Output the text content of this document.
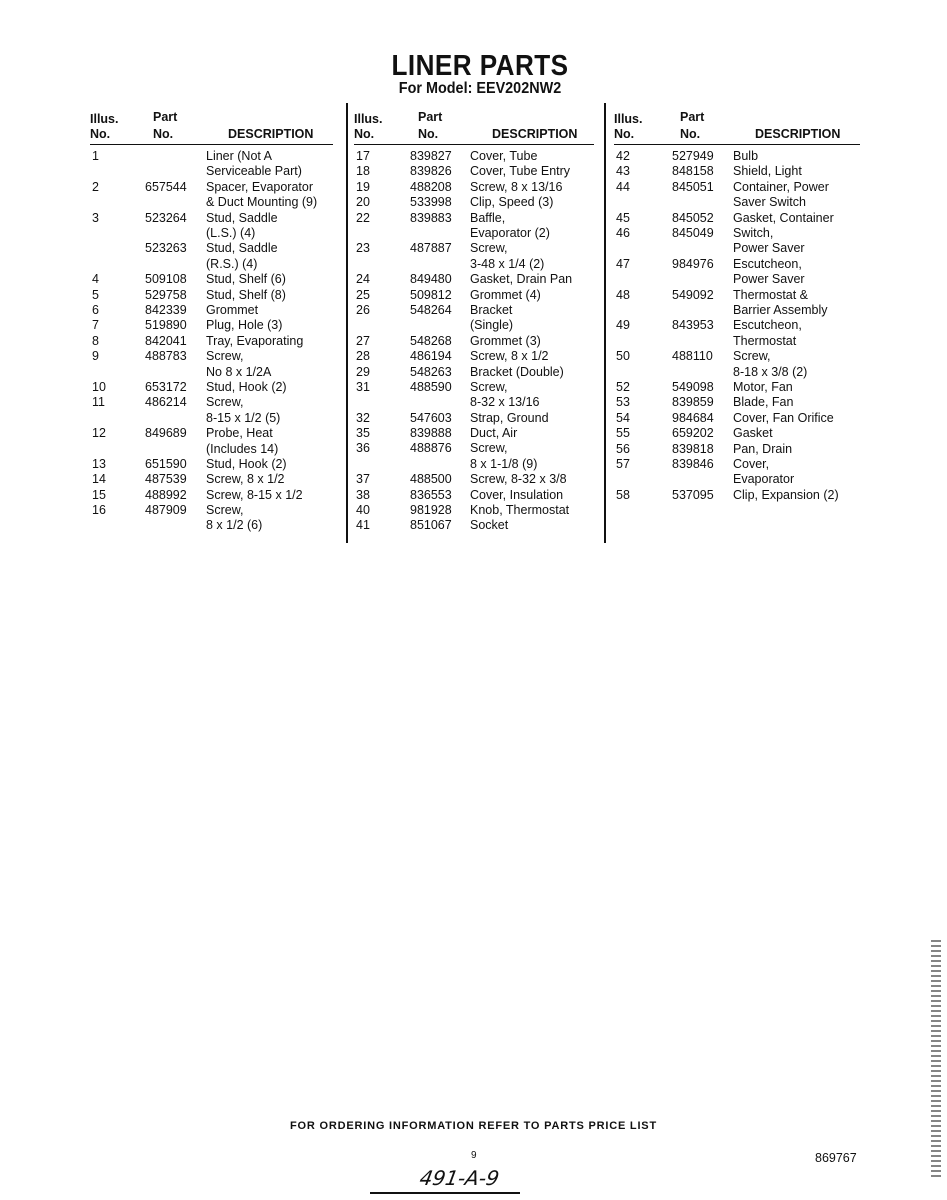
LINER PARTS
For Model: EEV202NW2
Illus.
No.
Part
No.	DESCRIPTION
1	Liner (Not A
Serviceable Part)
2	657544 Spacer, Evaporator
& Duct Mounting (9)
3	523264 Stud, Saddle
(L.S.) (4)
523263 Stud, Saddle
(R.S.) (4)
4	509108 Stud, Shelf (6)
5	529758 Stud, Shelf (8)
6	842339 Grommet
7	519890 Plug, Hole (3)
8	842041 Tray, Evaporating
9	488783 Screw,
No 8 x 1/2A
10	653172 Stud, Hook (2)
11	486214 Screw,
8-15 x 1/2 (5)
12	849689 Probe, Heat
(Includes 14)
13	651590 Stud, Hook (2)
14	487539 Screw, 8 x 1/2
15	488992 Screw, 8-15 x 1/2
16	487909 Screw,
8 x 1/2 (6)
Illus.
No.
Part
No.	DESCRIPTION
17	839827 Cover, Tube
18	839826 Cover, Tube Entry
19	488208 Screw, 8 x 13/16
20	533998 Clip, Speed (3)
22	839883 Baffle,
Evaporator (2)
23	487887 Screw,
3-48 x 1/4 (2)
24	849480 Gasket, Drain Pan
25	509812 Grommet (4)
26	548264 Bracket
(Single)
27	548268 Grommet (3)
28	486194 Screw, 8 x 1/2
29	548263 Bracket (Double)
31	488590 Screw,
8-32 x 13/16
32	547603 Strap, Ground
35	839888 Duct, Air
36	488876 Screw,
8 x 1-1/8 (9)
37	488500 Screw, 8-32 x 3/8
38	836553 Cover, Insulation
40	981928 Knob, Thermostat
41	851067 Socket
Illus.
No.
Part
No.	DESCRIPTION
42	527949 Bulb
43	848158 Shield, Light
44	845051 Container, Power
Saver Switch
45	845052 Gasket, Container
46	845049 Switch,
Power Saver
47	984976 Escutcheon,
Power Saver
48	549092 Thermostat &
Barrier Assembly
49	843953 Escutcheon,
Thermostat
50	488110 Screw,
8-18 x 3/8 (2)
52	549098 Motor, Fan
53	839859 Blade, Fan
54	984684 Cover, Fan Orifice
55	659202 Gasket
56	839818 Pan, Drain
57	839846 Cover,
Evaporator
58	537095 Clip, Expansion (2)
FOR ORDERING INFORMATION REFER TO PARTS PRICE LIST
9	869767
491-A-9
